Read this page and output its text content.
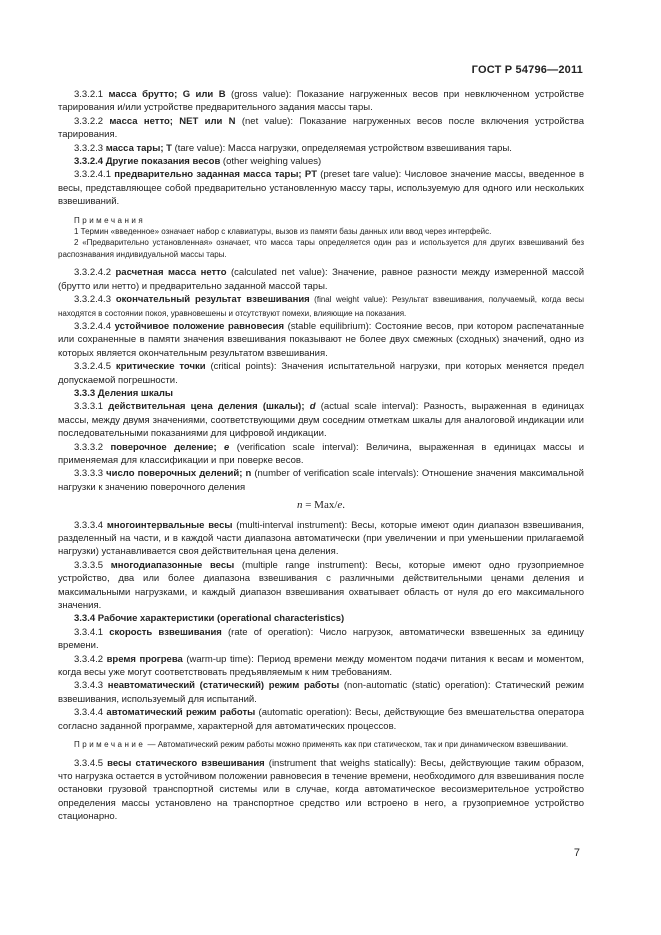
ГОСТ Р 54796—2011

3.3.2.1 масса брутто; G или B (gross value): Показание нагруженных весов при невключенном устройстве тарирования и/или устройстве предварительного задания массы тары.

3.3.2.2 масса нетто; NET или N (net value): Показание нагруженных весов после включения устройства тарирования.

3.3.2.3 масса тары; Т (tare value): Масса нагрузки, определяемая устройством взвешивания тары.

3.3.2.4 Другие показания весов (other weighing values)

3.3.2.4.1 предварительно заданная масса тары; PT (preset tare value): Числовое значение массы, введенное в весы, представляющее собой предварительно установленную массу тары, используемую для одного или нескольких взвешиваний.

Примечания

1 Термин «введенное» означает набор с клавиатуры, вызов из памяти базы данных или ввод через интерфейс.

2 «Предварительно установленная» означает, что масса тары определяется один раз и используется для других взвешиваний без распознавания индивидуальной массы тары.

3.3.2.4.2 расчетная масса нетто (calculated net value): Значение, равное разности между измеренной массой (брутто или нетто) и предварительно заданной массой тары.

3.3.2.4.3 окончательный результат взвешивания (final weight value): Результат взвешивания, получаемый, когда весы находятся в состоянии покоя, уравновешены и отсутствуют помехи, влияющие на показания.

3.3.2.4.4 устойчивое положение равновесия (stable equilibrium): Состояние весов, при котором распечатанные или сохраненные в памяти значения взвешивания показывают не более двух смежных (сходных) значений, одно из которых является окончательным результатом взвешивания.

3.3.2.4.5 критические точки (critical points): Значения испытательной нагрузки, при которых меняется предел допускаемой погрешности.

3.3.3 Деления шкалы

3.3.3.1 действительная цена деления (шкалы); d (actual scale interval): Разность, выраженная в единицах массы, между двумя значениями, соответствующими двум соседним отметкам шкалы для аналоговой индикации или последовательными показаниями для цифровой индикации.

3.3.3.2 поверочное деление; e (verification scale interval): Величина, выраженная в единицах массы и применяемая для классификации и при поверке весов.

3.3.3.3 число поверочных делений; n (number of verification scale intervals): Отношение значения максимальной нагрузки к значению поверочного деления

n = Max/e.

3.3.3.4 многоинтервальные весы (multi-interval instrument): Весы, которые имеют один диапазон взвешивания, разделенный на части, и в каждой части диапазона автоматически (при увеличении и при уменьшении прилагаемой нагрузки) устанавливается своя действительная цена деления.

3.3.3.5 многодиапазонные весы (multiple range instrument): Весы, которые имеют одно грузоприемное устройство, два или более диапазона взвешивания с различными действительными ценами деления и максимальными нагрузками, и каждый диапазон взвешивания охватывает область от нуля до его максимального значения.

3.3.4 Рабочие характеристики (operational characteristics)

3.3.4.1 скорость взвешивания (rate of operation): Число нагрузок, автоматически взвешенных за единицу времени.

3.3.4.2 время прогрева (warm-up time): Период времени между моментом подачи питания к весам и моментом, когда весы уже могут соответствовать предъявляемым к ним требованиям.

3.3.4.3 неавтоматический (статический) режим работы (non-automatic (static) operation): Статический режим взвешивания, используемый для испытаний.

3.3.4.4 автоматический режим работы (automatic operation): Весы, действующие без вмешательства оператора согласно заданной программе, характерной для автоматических процессов.

Примечание — Автоматический режим работы можно применять как при статическом, так и при динамическом взвешивании.

3.3.4.5 весы статического взвешивания (instrument that weighs statically): Весы, действующие таким образом, что нагрузка остается в устойчивом положении равновесия в течение времени, необходимого для взвешивания после остановки грузовой транспортной системы или в случае, когда автоматическое весоизмерительное устройство определения массы установлено на транспортное средство или встроено в него, а грузоприемное устройство стационарно.

7
